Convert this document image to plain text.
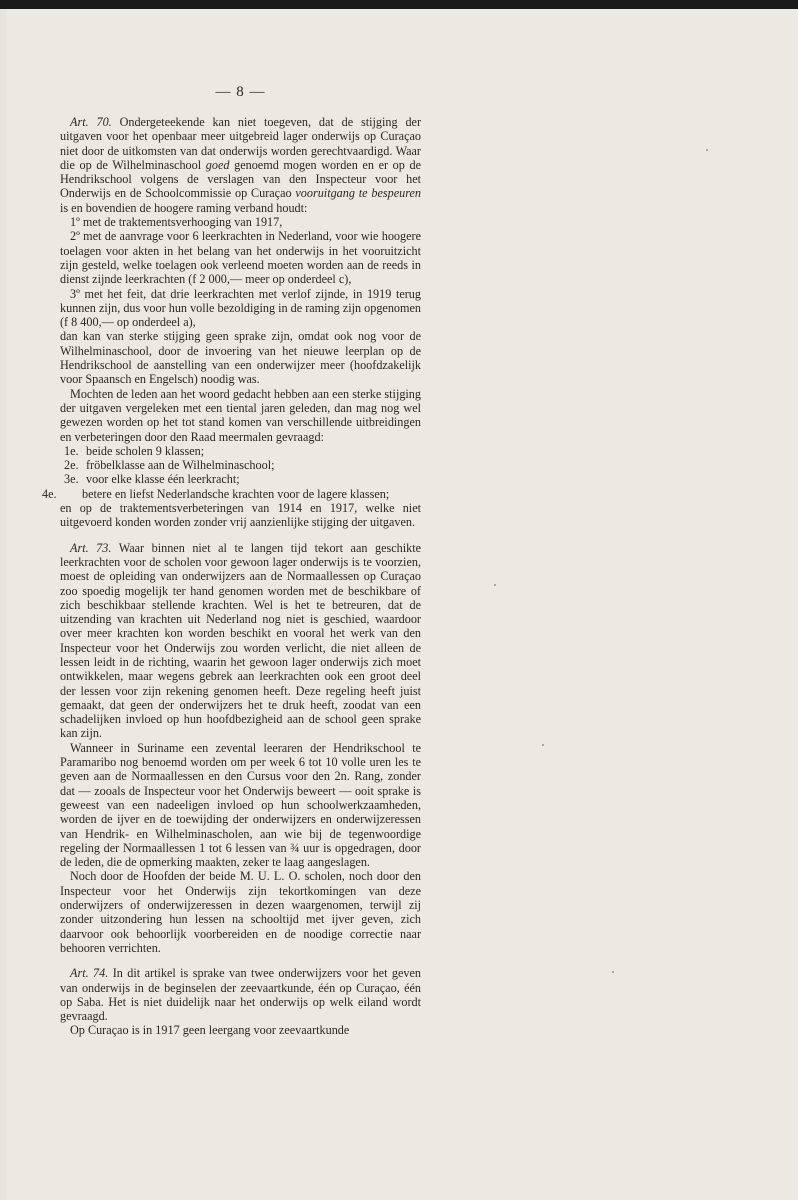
— 8 —

Art. 70. Ondergeteekende kan niet toegeven, dat de stijging der uitgaven voor het openbaar meer uitgebreid lager onderwijs op Curaçao niet door de uitkomsten van dat onderwijs worden gerechtvaardigd. Waar die op de Wilhelminaschool goed genoemd mogen worden en er op de Hendrikschool volgens de verslagen van den Inspecteur voor het Onderwijs en de Schoolcommissie op Curaçao vooruitgang te bespeuren is en bovendien de hoogere raming verband houdt:

1º met de traktementsverhooging van 1917,

2º met de aanvrage voor 6 leerkrachten in Nederland, voor wie hoogere toelagen voor akten in het belang van het onderwijs in het vooruitzicht zijn gesteld, welke toelagen ook verleend moeten worden aan de reeds in dienst zijnde leerkrachten (f 2 000,— meer op onderdeel c),

3º met het feit, dat drie leerkrachten met verlof zijnde, in 1919 terug kunnen zijn, dus voor hun volle bezoldiging in de raming zijn opgenomen (f 8 400,— op onderdeel a),

dan kan van sterke stijging geen sprake zijn, omdat ook nog voor de Wilhelminaschool, door de invoering van het nieuwe leerplan op de Hendrikschool de aanstelling van een onderwijzer meer (hoofdzakelijk voor Spaansch en Engelsch) noodig was.

Mochten de leden aan het woord gedacht hebben aan een sterke stijging der uitgaven vergeleken met een tiental jaren geleden, dan mag nog wel gewezen worden op het tot stand komen van verschillende uitbreidingen en verbeteringen door den Raad meermalen gevraagd:

1e. beide scholen 9 klassen;

2e. fröbelklasse aan de Wilhelminaschool;

3e. voor elke klasse één leerkracht;

4e. betere en liefst Nederlandsche krachten voor de lagere klassen;

en op de traktementsverbeteringen van 1914 en 1917, welke niet uitgevoerd konden worden zonder vrij aanzienlijke stijging der uitgaven.

Art. 73. Waar binnen niet al te langen tijd tekort aan geschikte leerkrachten voor de scholen voor gewoon lager onderwijs is te voorzien, moest de opleiding van onderwijzers aan de Normaallessen op Curaçao zoo spoedig mogelijk ter hand genomen worden met de beschikbare of zich beschikbaar stellende krachten. Wel is het te betreuren, dat de uitzending van krachten uit Nederland nog niet is geschied, waardoor over meer krachten kon worden beschikt en vooral het werk van den Inspecteur voor het Onderwijs zou worden verlicht, die niet alleen de lessen leidt in de richting, waarin het gewoon lager onderwijs zich moet ontwikkelen, maar wegens gebrek aan leerkrachten ook een groot deel der lessen voor zijn rekening genomen heeft. Deze regeling heeft juist gemaakt, dat geen der onderwijzers het te druk heeft, zoodat van een schadelijken invloed op hun hoofdbezigheid aan de school geen sprake kan zijn.

Wanneer in Suriname een zevental leeraren der Hendrikschool te Paramaribo nog benoemd worden om per week 6 tot 10 volle uren les te geven aan de Normaallessen en den Cursus voor den 2n. Rang, zonder dat — zooals de Inspecteur voor het Onderwijs beweert — ooit sprake is geweest van een nadeeligen invloed op hun schoolwerkzaamheden, worden de ijver en de toewijding der onderwijzers en onderwijzeressen van Hendrik- en Wilhelminascholen, aan wie bij de tegenwoordige regeling der Normaallessen 1 tot 6 lessen van ¾ uur is opgedragen, door de leden, die de opmerking maakten, zeker te laag aangeslagen.

Noch door de Hoofden der beide M. U. L. O. scholen, noch door den Inspecteur voor het Onderwijs zijn tekortkomingen van deze onderwijzers of onderwijzeressen in dezen waargenomen, terwijl zij zonder uitzondering hun lessen na schooltijd met ijver geven, zich daarvoor ook behoorlijk voorbereiden en de noodige correctie naar behooren verrichten.

Art. 74. In dit artikel is sprake van twee onderwijzers voor het geven van onderwijs in de beginselen der zeevaartkunde, één op Curaçao, één op Saba. Het is niet duidelijk naar het onderwijs op welk eiland wordt gevraagd.

Op Curaçao is in 1917 geen leergang voor zeevaartkunde
